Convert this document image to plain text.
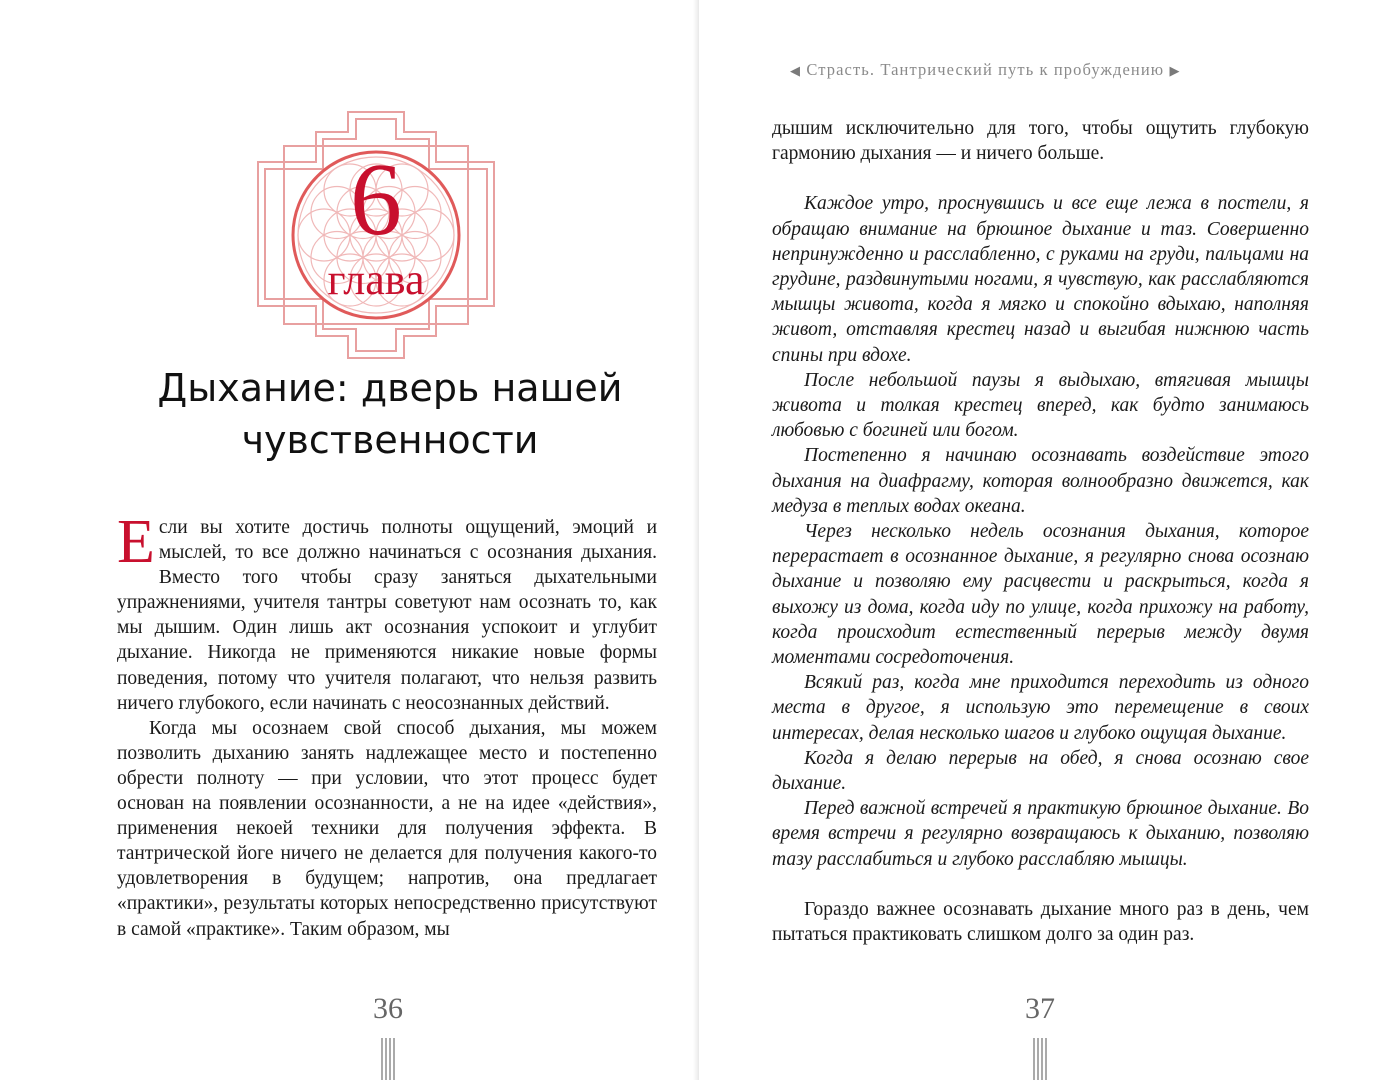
6
глава
Дыхание: дверь нашей чувственности

Если вы хотите достичь полноты ощущений, эмоций и мыслей, то все должно начинаться с осознания дыхания. Вместо того чтобы сразу заняться дыхательными упражнениями, учителя тантры советуют нам осознать то, как мы дышим. Один лишь акт осознания успокоит и углубит дыхание. Никогда не применяются никакие новые формы поведения, потому что учителя полагают, что нельзя развить ничего глубокого, если начинать с неосознанных действий.

Когда мы осознаем свой способ дыхания, мы можем позволить дыханию занять надлежащее место и постепенно обрести полноту — при условии, что этот процесс будет основан на появлении осознанности, а не на идее «действия», применения некоей техники для получения эффекта. В тантрической йоге ничего не делается для получения какого-то удовлетворения в будущем; напротив, она предлагает «практики», результаты которых непосредственно присутствуют в самой «практике». Таким образом, мы

36
◀ Страсть. Тантрический путь к пробуждению ▶

дышим исключительно для того, чтобы ощутить глубокую гармонию дыхания — и ничего больше.

Каждое утро, проснувшись и все еще лежа в постели, я обращаю внимание на брюшное дыхание и таз. Совершенно непринужденно и расслабленно, с руками на груди, пальцами на грудине, раздвинутыми ногами, я чувствую, как расслабляются мышцы живота, когда я мягко и спокойно вдыхаю, наполняя живот, отставляя крестец назад и выгибая нижнюю часть спины при вдохе.

После небольшой паузы я выдыхаю, втягивая мышцы живота и толкая крестец вперед, как будто занимаюсь любовью с богиней или богом.

Постепенно я начинаю осознавать воздействие этого дыхания на диафрагму, которая волнообразно движется, как медуза в теплых водах океана.

Через несколько недель осознания дыхания, которое перерастает в осознанное дыхание, я регулярно снова осознаю дыхание и позволяю ему расцвести и раскрыться, когда я выхожу из дома, когда иду по улице, когда прихожу на работу, когда происходит естественный перерыв между двумя моментами сосредоточения.

Всякий раз, когда мне приходится переходить из одного места в другое, я использую это перемещение в своих интересах, делая несколько шагов и глубоко ощущая дыхание.

Когда я делаю перерыв на обед, я снова осознаю свое дыхание.

Перед важной встречей я практикую брюшное дыхание. Во время встречи я регулярно возвращаюсь к дыханию, позволяю тазу расслабиться и глубоко расслабляю мышцы.

Гораздо важнее осознавать дыхание много раз в день, чем пытаться практиковать слишком долго за один раз.

37
